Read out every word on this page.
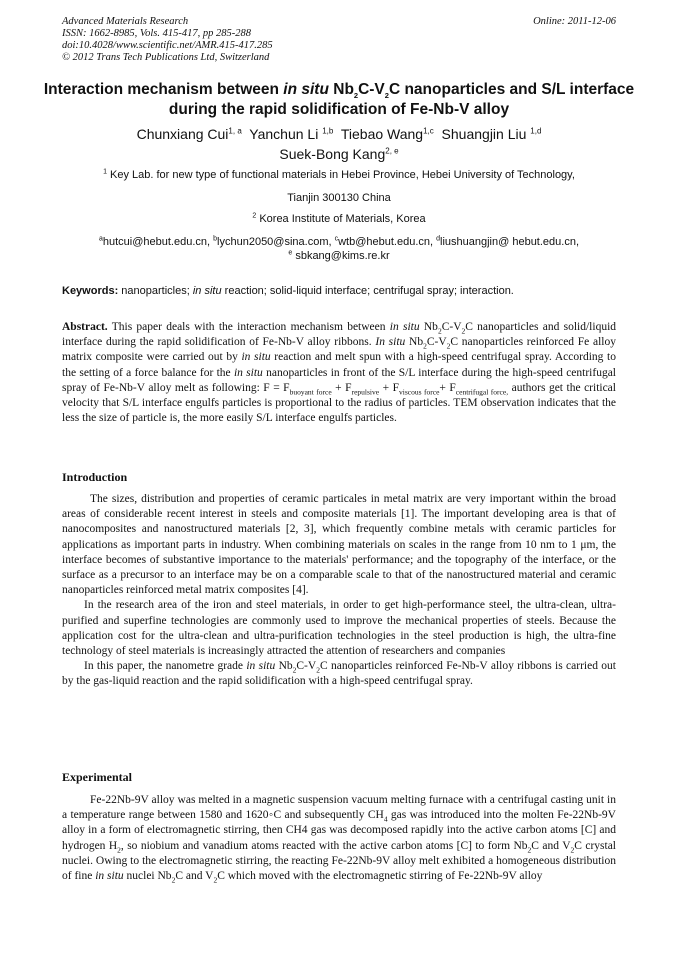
Advanced Materials Research
ISSN: 1662-8985, Vols. 415-417, pp 285-288
doi:10.4028/www.scientific.net/AMR.415-417.285
© 2012 Trans Tech Publications Ltd, Switzerland
Online: 2011-12-06
Interaction mechanism between in situ $Nb_2C-V_2C$ nanoparticles and S/L interface during the rapid solidification of Fe-Nb-V alloy
Chunxiang Cui$^{1, a}$ Yanchun Li $^{1,b}$ Tiebao Wang$^{1,c}$ Shuangjin Liu $^{1,d}$
Suek-Bong Kang$^{2, e}$
$^1$ Key Lab. for new type of functional materials in Hebei Province, Hebei University of Technology,
Tianjin 300130 China
$^2$ Korea Institute of Materials, Korea
$^a$hutcui@hebut.edu.cn, $^b$lychun2050@sina.com, $^c$wtb@hebut.edu.cn, $^d$liushuangjin@ hebut.edu.cn,
$^e$ sbkang@kims.re.kr
Keywords: nanoparticles; in situ reaction; solid-liquid interface; centrifugal spray; interaction.

Abstract. This paper deals with the interaction mechanism between in situ $Nb_2C-V_2C$ nanoparticles and solid/liquid interface during the rapid solidification of Fe-Nb-V alloy ribbons. In situ $Nb_2C-V_2C$ nanoparticles reinforced Fe alloy matrix composite were carried out by in situ reaction and melt spun with a high-speed centrifugal spray. According to the setting of a force balance for the in situ nanoparticles in front of the S/L interface during the high-speed centrifugal spray of Fe-Nb-V alloy melt as following: $F = F_{buoyant force} + F_{repulsive} + F_{viscous force}+ F_{centrifugal force,}$ authors get the critical velocity that S/L interface engulfs particles is proportional to the radius of particles. TEM observation indicates that the less the size of particle is, the more easily S/L interface engulfs particles.

Introduction

The sizes, distribution and properties of ceramic particales in metal matrix are very important within the broad areas of considerable recent interest in steels and composite materials [1]. The important developing area is that of nanocomposites and nanostructured materials [2, 3], which frequently combine metals with ceramic particles for applications as important parts in industry. When combining materials on scales in the range from 10 nm to 1 μm, the interface becomes of substantive importance to the materials' performance; and the topography of the interface, or the surface as a precursor to an interface may be on a comparable scale to that of the nanostructured material and ceramic nanoparticles reinforced metal matrix composites [4].

In the research area of the iron and steel materials, in order to get high-performance steel, the ultra-clean, ultra-purified and superfine technologies are commonly used to improve the mechanical properties of steels. Because the application cost for the ultra-clean and ultra-purification technologies in the steel production is high, the ultra-fine technology of steel materials is increasingly attracted the attention of researchers and companies

In this paper, the nanometre grade in situ $Nb_2C-V_2C$ nanoparticles reinforced Fe-Nb-V alloy ribbons is carried out by the gas-liquid reaction and the rapid solidification with a high-speed centrifugal spray.

Experimental

Fe-22Nb-9V alloy was melted in a magnetic suspension vacuum melting furnace with a centrifugal casting unit in a temperature range between 1580 and 1620◦C and subsequently $CH_4$ gas was introduced into the molten Fe-22Nb-9V alloy in a form of electromagnetic stirring, then CH4 gas was decomposed rapidly into the active carbon atoms [C] and hydrogen $H_2$, so niobium and vanadium atoms reacted with the active carbon atoms [C] to form $Nb_2C$ and $V_2C$ crystal nuclei. Owing to the electromagnetic stirring, the reacting Fe-22Nb-9V alloy melt exhibited a homogeneous distribution of fine in situ nuclei $Nb_2C$ and $V_2C$ which moved with the electromagnetic stirring of Fe-22Nb-9V alloy
